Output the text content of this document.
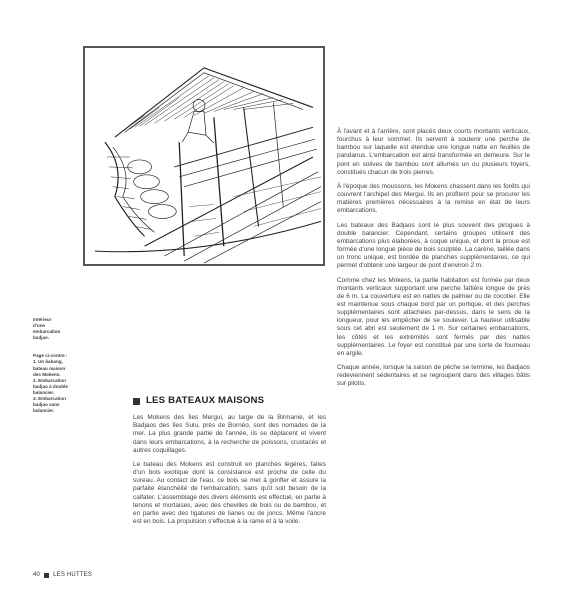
Intérieur
d'une
embarcation
badjao.

Page ci-contre :
1. Un kabang,
bateau maison
des Mokens.
2. Embarcation
badjao à double
balancier.
3. Embarcation
badjao sans
balancier.

LES BATEAUX MAISONS

Les Mokens des îles Mergui, au large de la Birmanie, et les Badjaos des îles Sulu, près de Bornéo, sont des nomades de la mer. La plus grande partie de l'année, ils se déplacent et vivent dans leurs embarcations, à la recherche de poissons, crustacés et autres coquillages.

Le bateau des Mokens est construit en planches légères, faites d'un bois exotique dont la consistance est proche de celle du sureau. Au contact de l'eau, ce bois se met à gonfler et assure la parfaite étanchéité de l'embarcation, sans qu'il soit besoin de la calfater. L'assemblage des divers éléments est effectué, en partie à tenons et mortaises, avec des chevilles de bois ou de bambou, et en partie avec des ligatures de lianes ou de joncs. Même l'ancre est en bois. La propulsion s'effectue à la rame et à la voile.

À l'avant et à l'arrière, sont placés deux courts montants verticaux, fourchus à leur sommet. Ils servent à soutenir une perche de bambou sur laquelle est étendue une longue natte en feuilles de pandanus. L'embarcation est ainsi transformée en demeure. Sur le pont en solives de bambou sont allumés un ou plusieurs foyers, constitués chacun de trois pierres.

À l'époque des moussons, les Mokens chassent dans les forêts qui couvrent l'archipel des Mergui. Ils en profitent pour se procurer les matières premières nécessaires à la remise en état de leurs embarcations.

Les bateaux des Badjaos sont le plus souvent des pirogues à double balancier. Cependant, certains groupes utilisent des embarcations plus élaborées, à coque unique, et dont la proue est formée d'une longue pièce de bois sculptée. La carène, taillée dans un tronc unique, est bordée de planches supplémentaires, ce qui permet d'obtenir une largeur de pont d'environ 2 m.

Comme chez les Mokens, la partie habitation est formée par deux montants verticaux supportant une perche faîtière longue de près de 6 m. La couverture est en nattes de palmier ou de cocotier. Elle est maintenue sous chaque bord par un portique, et des perches supplémentaires sont attachées par-dessus, dans le sens de la longueur, pour les empêcher de se soulever. La hauteur utilisable sous cet abri est seulement de 1 m. Sur certaines embarcations, les côtés et les extrémités sont fermés par des nattes supplémentaires. Le foyer est constitué par une sorte de fourneau en argile.

Chaque année, lorsque la saison de pêche se termine, les Badjaos redeviennent sédentaires et se regroupent dans des villages bâtis sur pilotis.

40 LES HUTTES
